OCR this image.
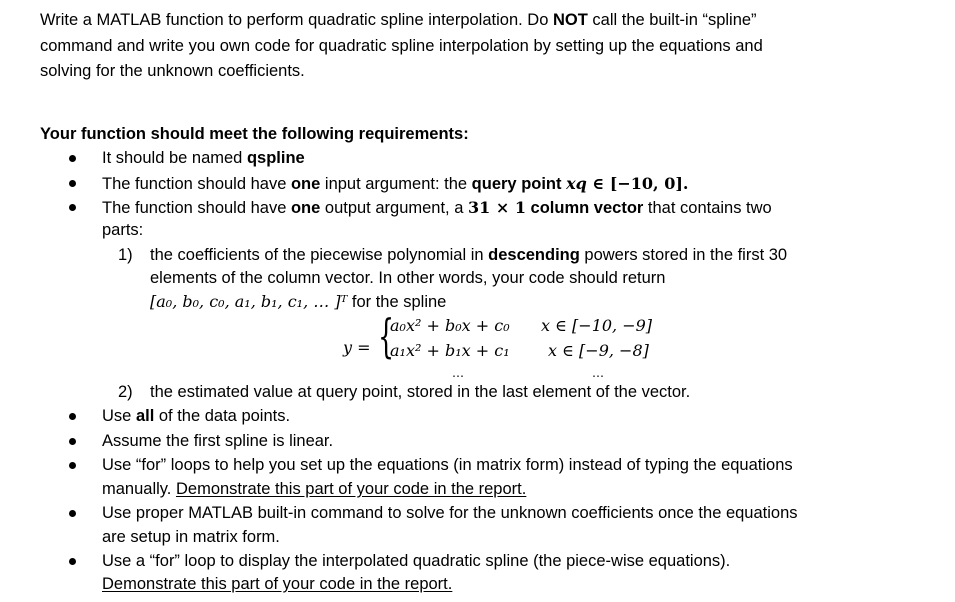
Write a MATLAB function to perform quadratic spline interpolation. Do NOT call the built-in “spline”
command and write you own code for quadratic spline interpolation by setting up the equations and
solving for the unknown coefficients.
Your function should meet the following requirements:
It should be named qspline
The function should have one input argument: the query point xq ∈ [−10, 0].
The function should have one output argument, a 31 × 1 column vector that contains two
parts:
1) the coefficients of the piecewise polynomial in descending powers stored in the first 30
elements of the column vector. In other words, your code should return
[a₀, b₀, c₀, a₁, b₁, c₁, … ]ᵀ for the spline
y = {
a₀x² + b₀x + c₀ x ∈ [−10, −9]
a₁x² + b₁x + c₁ x ∈ [−9, −8]
…	…
2) the estimated value at query point, stored in the last element of the vector.
Use all of the data points.
Assume the first spline is linear.
Use “for” loops to help you set up the equations (in matrix form) instead of typing the equations
manually. Demonstrate this part of your code in the report.
Use proper MATLAB built-in command to solve for the unknown coefficients once the equations
are setup in matrix form.
Use a “for” loop to display the interpolated quadratic spline (the piece-wise equations).
Demonstrate this part of your code in the report.
